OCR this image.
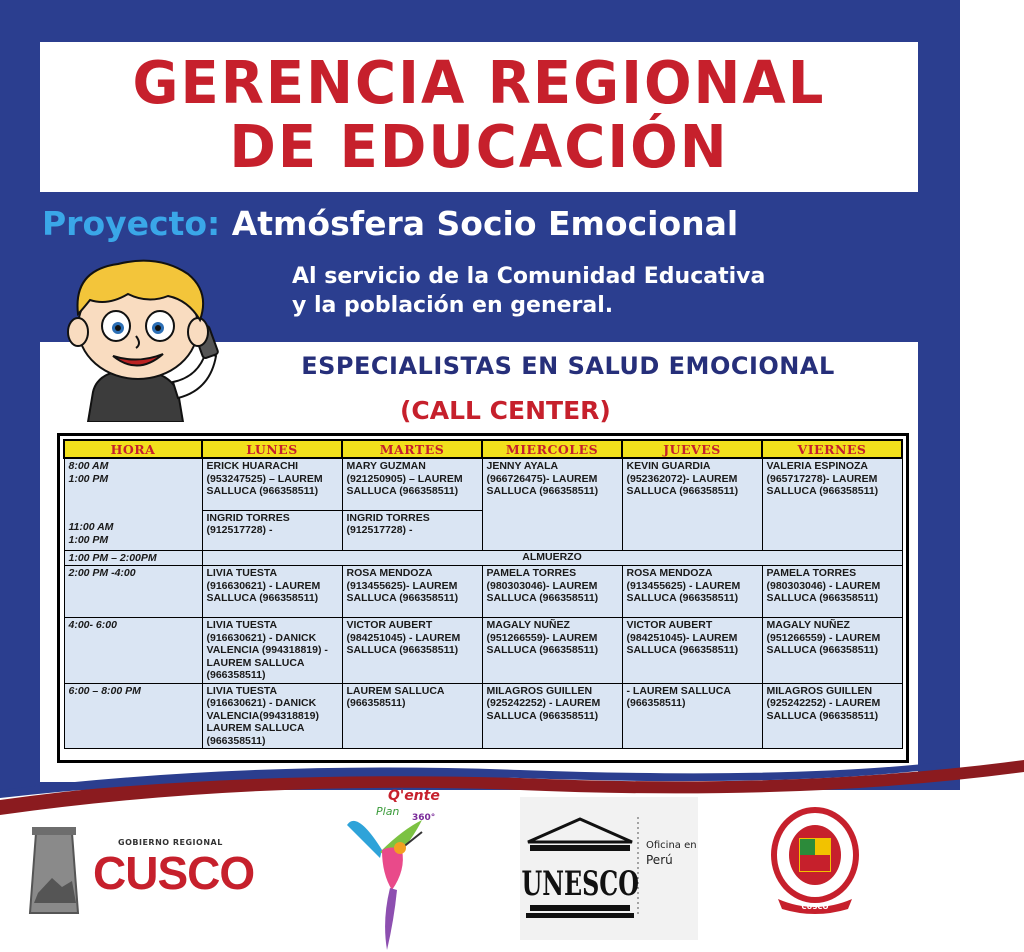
GERENCIA REGIONAL
DE EDUCACIÓN
Proyecto: Atmósfera Socio Emocional
Al servicio de la Comunidad Educativa
y la población en general.
ESPECIALISTAS EN SALUD EMOCIONAL
(CALL CENTER)
HORA	LUNES	MARTES	MIERCOLES	JUEVES	VIERNES

8:00 AM
1:00 PM
11:00 AM
1:00 PM	ERICK HUARACHI (953247525) – LAUREM SALLUCA (966358511)	MARY GUZMAN (921250905) – LAUREM SALLUCA (966358511)	JENNY AYALA (966726475)- LAUREM SALLUCA (966358511)	KEVIN GUARDIA (952362072)- LAUREM SALLUCA (966358511)	VALERIA ESPINOZA (965717278)- LAUREM SALLUCA (966358511)
	INGRID TORRES (912517728) -	INGRID TORRES (912517728) -			
1:00 PM – 2:00PM	ALMUERZO				
2:00 PM -4:00	LIVIA TUESTA (916630621) - LAUREM SALLUCA (966358511)	ROSA MENDOZA (913455625)- LAUREM SALLUCA (966358511)	PAMELA TORRES (980303046)- LAUREM SALLUCA (966358511)	ROSA MENDOZA (913455625) - LAUREM SALLUCA (966358511)	PAMELA TORRES (980303046) - LAUREM SALLUCA (966358511)
4:00- 6:00	LIVIA TUESTA (916630621) - DANICK VALENCIA (994318819) - LAUREM SALLUCA (966358511)	VICTOR AUBERT (984251045) - LAUREM SALLUCA (966358511)	MAGALY NUÑEZ (951266559)- LAUREM SALLUCA (966358511)	VICTOR AUBERT (984251045)- LAUREM SALLUCA (966358511)	MAGALY NUÑEZ (951266559) - LAUREM SALLUCA (966358511)
6:00 – 8:00 PM	LIVIA TUESTA (916630621) - DANICK VALENCIA(994318819) LAUREM SALLUCA (966358511)	LAUREM SALLUCA (966358511)	MILAGROS GUILLEN (925242252) - LAUREM SALLUCA (966358511)	- LAUREM SALLUCA (966358511)	MILAGROS GUILLEN (925242252) - LAUREM SALLUCA (966358511)
GOBIERNO REGIONAL
CUSCO
Q'ente
Plan 360°
UNESCO
Oficina en
Perú
CUSCO
